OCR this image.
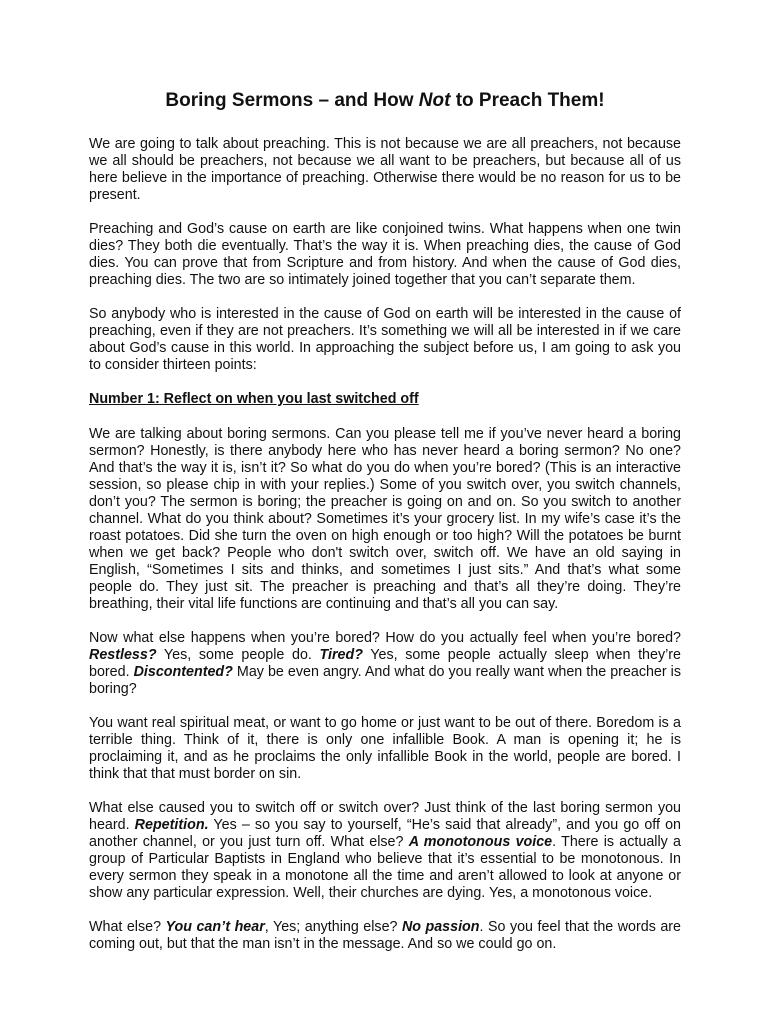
Boring Sermons – and How Not to Preach Them!

We are going to talk about preaching. This is not because we are all preachers, not because we all should be preachers, not because we all want to be preachers, but because all of us here believe in the importance of preaching. Otherwise there would be no reason for us to be present.

Preaching and God’s cause on earth are like conjoined twins. What happens when one twin dies? They both die eventually. That’s the way it is. When preaching dies, the cause of God dies. You can prove that from Scripture and from history. And when the cause of God dies, preaching dies. The two are so intimately joined together that you can’t separate them.

So anybody who is interested in the cause of God on earth will be interested in the cause of preaching, even if they are not preachers. It’s something we will all be interested in if we care about God’s cause in this world. In approaching the subject before us, I am going to ask you to consider thirteen points:

Number 1: Reflect on when you last switched off

We are talking about boring sermons. Can you please tell me if you’ve never heard a boring sermon? Honestly, is there anybody here who has never heard a boring sermon? No one? And that’s the way it is, isn’t it? So what do you do when you’re bored? (This is an interactive session, so please chip in with your replies.) Some of you switch over, you switch channels, don’t you? The sermon is boring; the preacher is going on and on. So you switch to another channel. What do you think about? Sometimes it’s your grocery list. In my wife’s case it’s the roast potatoes. Did she turn the oven on high enough or too high? Will the potatoes be burnt when we get back? People who don't switch over, switch off. We have an old saying in English, “Sometimes I sits and thinks, and sometimes I just sits.” And that’s what some people do. They just sit. The preacher is preaching and that’s all they’re doing. They’re breathing, their vital life functions are continuing and that’s all you can say.

Now what else happens when you’re bored? How do you actually feel when you’re bored? Restless? Yes, some people do. Tired? Yes, some people actually sleep when they’re bored. Discontented? May be even angry. And what do you really want when the preacher is boring?

You want real spiritual meat, or want to go home or just want to be out of there. Boredom is a terrible thing. Think of it, there is only one infallible Book. A man is opening it; he is proclaiming it, and as he proclaims the only infallible Book in the world, people are bored. I think that that must border on sin.

What else caused you to switch off or switch over? Just think of the last boring sermon you heard. Repetition. Yes – so you say to yourself, “He’s said that already”, and you go off on another channel, or you just turn off. What else? A monotonous voice. There is actually a group of Particular Baptists in England who believe that it’s essential to be monotonous. In every sermon they speak in a monotone all the time and aren’t allowed to look at anyone or show any particular expression. Well, their churches are dying. Yes, a monotonous voice.

What else? You can’t hear, Yes; anything else? No passion. So you feel that the words are coming out, but that the man isn’t in the message. And so we could go on.
